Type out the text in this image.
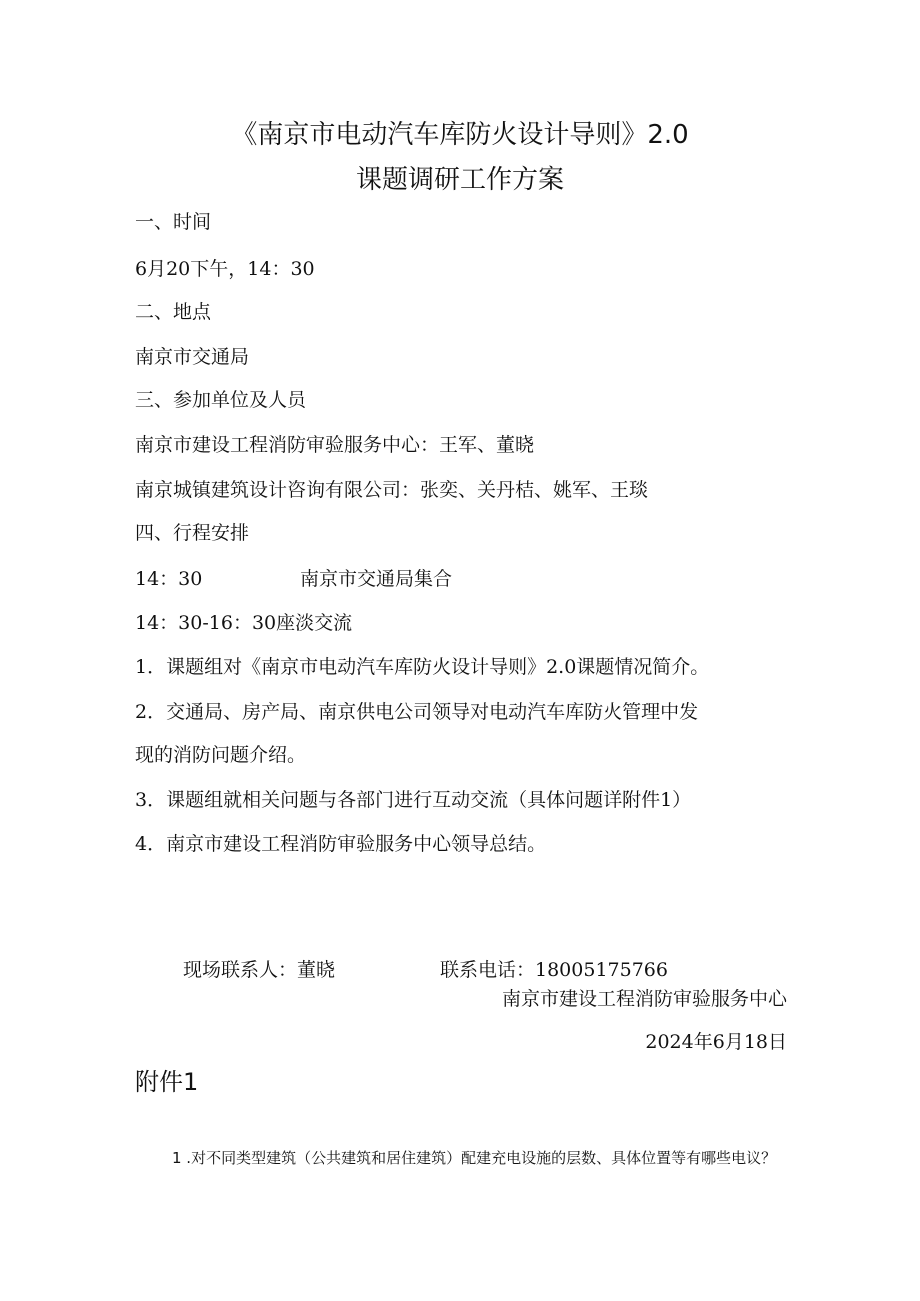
《南京市电动汽车库防火设计导则》2.0
课题调研工作方案
一、时间
6月20下午，14：30
二、地点
南京市交通局
三、参加单位及人员
南京市建设工程消防审验服务中心：王军、董晓
南京城镇建筑设计咨询有限公司：张奕、关丹桔、姚军、王琰
四、行程安排
14：30	南京市交通局集合
14：30-16：30座淡交流
1．课题组对《南京市电动汽车库防火设计导则》2.0课题情况简介。
2．交通局、房产局、南京供电公司领导对电动汽车库防火管理中发
现的消防问题介绍。
3．课题组就相关问题与各部门进行互动交流（具体问题详附件1）
4．南京市建设工程消防审验服务中心领导总结。
现场联系人：董晓	联系电话：18005175766
南京市建设工程消防审验服务中心
2024年6月18日
附件1
1 .对不同类型建筑（公共建筑和居住建筑）配建充电设施的层数、具体位置等有哪些电议？
